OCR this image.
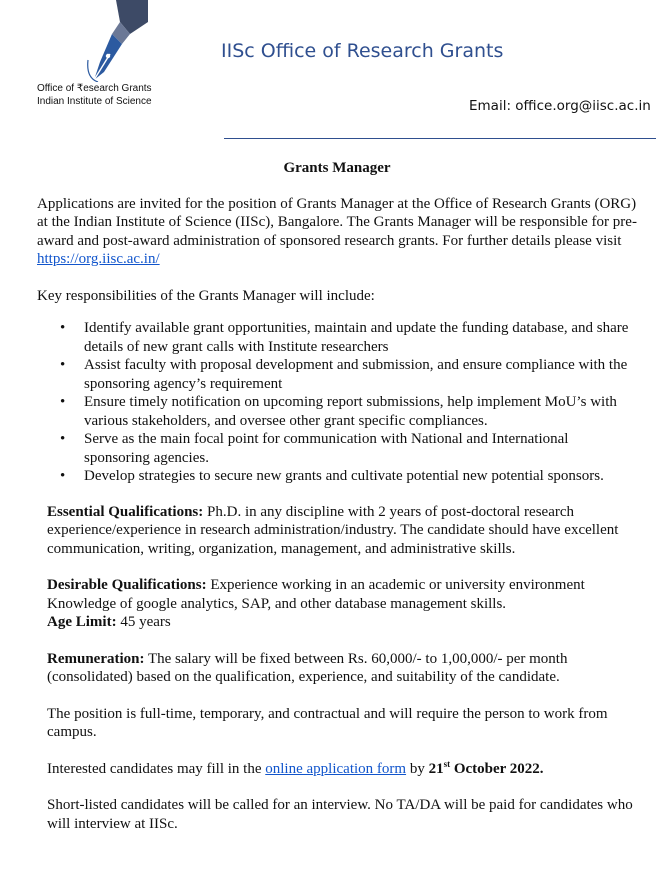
Office of ₹esearch Grants
Indian Institute of Science
IISc Office of Research Grants
Email: office.org@iisc.ac.in
Grants Manager

Applications are invited for the position of Grants Manager at the Office of Research Grants (ORG) at the Indian Institute of Science (IISc), Bangalore. The Grants Manager will be responsible for pre-award and post-award administration of sponsored research grants. For further details please visit https://org.iisc.ac.in/

Key responsibilities of the Grants Manager will include:

• Identify available grant opportunities, maintain and update the funding database, and share details of new grant calls with Institute researchers
• Assist faculty with proposal development and submission, and ensure compliance with the sponsoring agency’s requirement
• Ensure timely notification on upcoming report submissions, help implement MoU’s with various stakeholders, and oversee other grant specific compliances.
• Serve as the main focal point for communication with National and International sponsoring agencies.
• Develop strategies to secure new grants and cultivate potential new potential sponsors.

Essential Qualifications: Ph.D. in any discipline with 2 years of post-doctoral research experience/experience in research administration/industry. The candidate should have excellent communication, writing, organization, management, and administrative skills.

Desirable Qualifications: Experience working in an academic or university environment Knowledge of google analytics, SAP, and other database management skills.

Age Limit: 45 years

Remuneration: The salary will be fixed between Rs. 60,000/- to 1,00,000/- per month (consolidated) based on the qualification, experience, and suitability of the candidate.

The position is full-time, temporary, and contractual and will require the person to work from campus.

Interested candidates may fill in the online application form by 21st October 2022.

Short-listed candidates will be called for an interview. No TA/DA will be paid for candidates who will interview at IISc.
